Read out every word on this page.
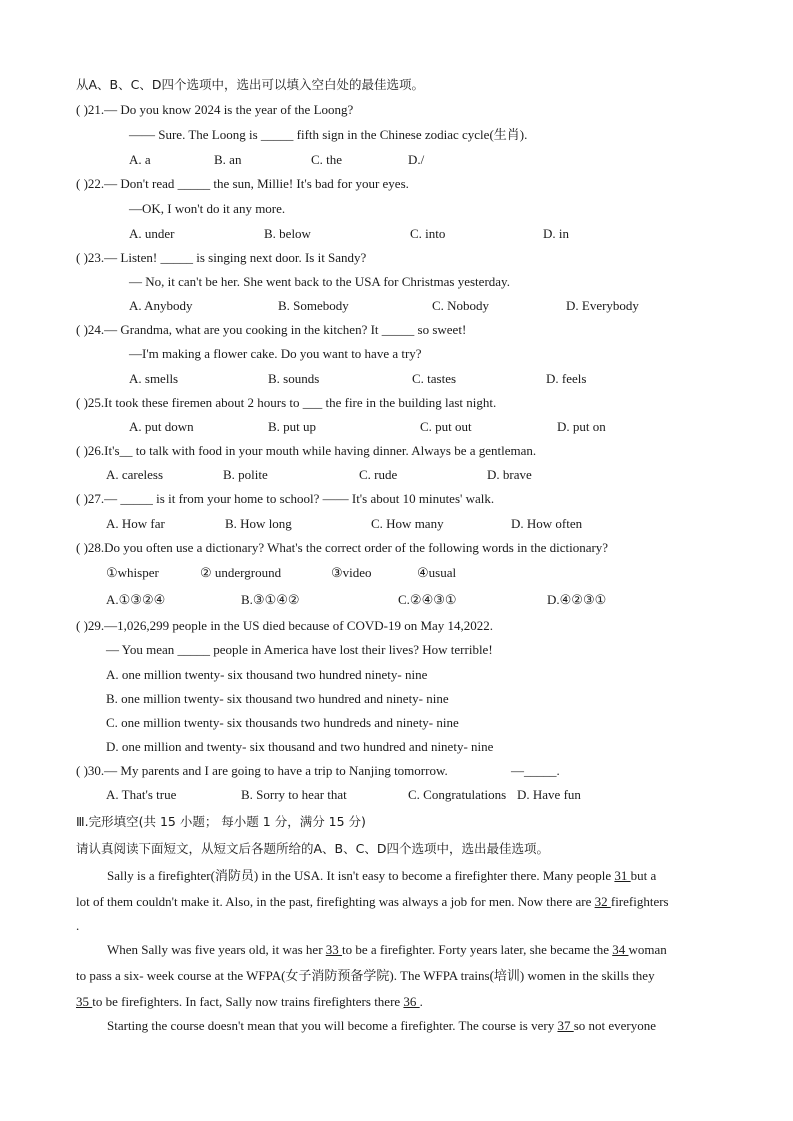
从A、B、C、D四个选项中，选出可以填入空白处的最佳选项。
( )21.— Do you know 2024 is the year of the Loong?
—— Sure. The Loong is _____ fifth sign in the Chinese zodiac cycle(生肖).
A. a	B. an	C. the	D./
( )22.— Don't read _____ the sun, Millie! It's bad for your eyes.
—OK, I won't do it any more.
A. under	B. below	C. into	D. in
( )23.— Listen! _____ is singing next door. Is it Sandy?
— No, it can't be her. She went back to the USA for Christmas yesterday.
A. Anybody	B. Somebody	C. Nobody	D. Everybody
( )24.— Grandma, what are you cooking in the kitchen? It _____ so sweet!
—I'm making a flower cake. Do you want to have a try?
A. smells	B. sounds	C. tastes	D. feels
( )25.It took these firemen about 2 hours to ___ the fire in the building last night.
A. put down	B. put up	C. put out	D. put on
( )26.It's__ to talk with food in your mouth while having dinner. Always be a gentleman.
A. careless	B. polite	C. rude	D. brave
( )27.— _____ is it from your home to school? —— It's about 10 minutes' walk.
A. How far	B. How long	C. How many	D. How often
( )28.Do you often use a dictionary? What's the correct order of the following words in the dictionary?
①whisper	② underground	③video	④usual
A.①③②④	B.③①④②	C.②④③①	D.④②③①
( )29.—1,026,299 people in the US died because of COVD-19 on May 14,2022.
— You mean _____ people in America have lost their lives? How terrible!
A. one million twenty- six thousand two hundred ninety- nine
B. one million twenty- six thousand two hundred and ninety- nine
C. one million twenty- six thousands two hundreds and ninety- nine
D. one million and twenty- six thousand and two hundred and ninety- nine
( )30.— My parents and I are going to have a trip to Nanjing tomorrow.	—_____.
A. That's true	B. Sorry to hear that	C. Congratulations D. Have fun
Ⅲ.完形填空(共 15 小题； 每小题 1 分，满分 15 分)
请认真阅读下面短文，从短文后各题所给的A、B、C、D四个选项中，选出最佳选项。
Sally is a firefighter(消防员) in the USA. It isn't easy to become a firefighter there. Many people 31 but a
lot of them couldn't make it. Also, in the past, firefighting was always a job for men. Now there are 32 firefighters
.
When Sally was five years old, it was her 33 to be a firefighter. Forty years later, she became the 34 woman
to pass a six- week course at the WFPA(女子消防预备学院). The WFPA trains(培训) women in the skills they
35 to be firefighters. In fact, Sally now trains firefighters there 36 .
Starting the course doesn't mean that you will become a firefighter. The course is very 37 so not everyone
